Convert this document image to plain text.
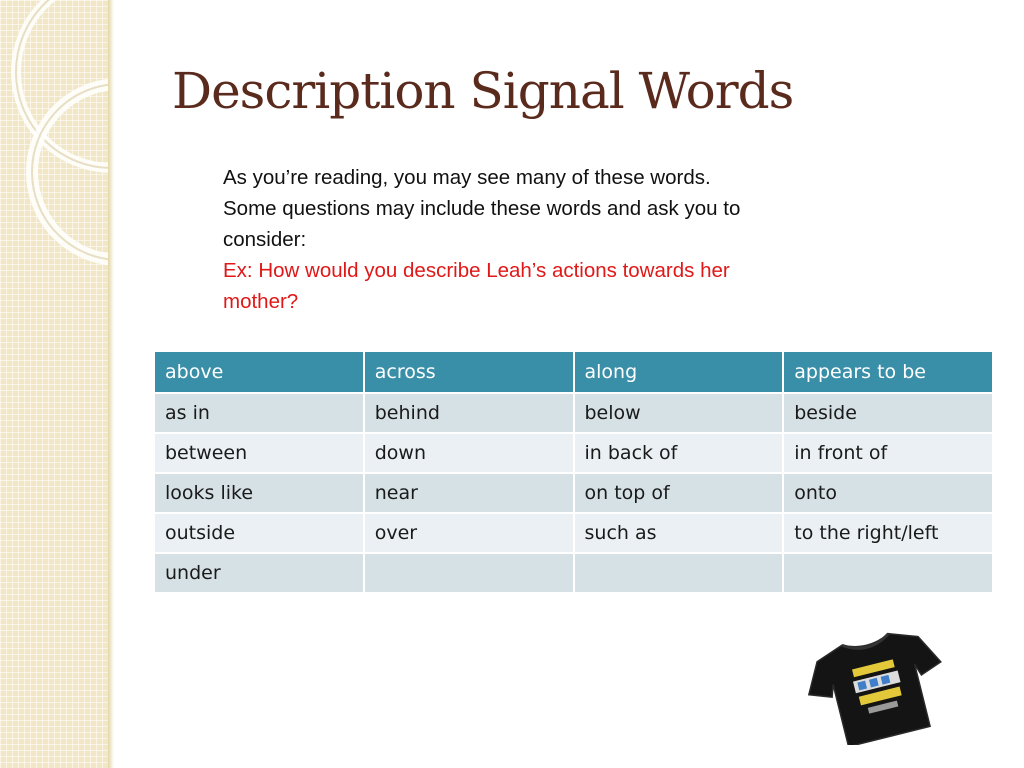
Description Signal Words
As you’re reading, you may see many of these words.
Some questions may include these words and ask you to
consider:
Ex: How would you describe Leah’s actions towards her
mother?
above	across	along	appears to be
as in	behind	below	beside
between	down	in back of	in front of
looks like	near	on top of	onto
outside	over	such as	to the right/left
under			
